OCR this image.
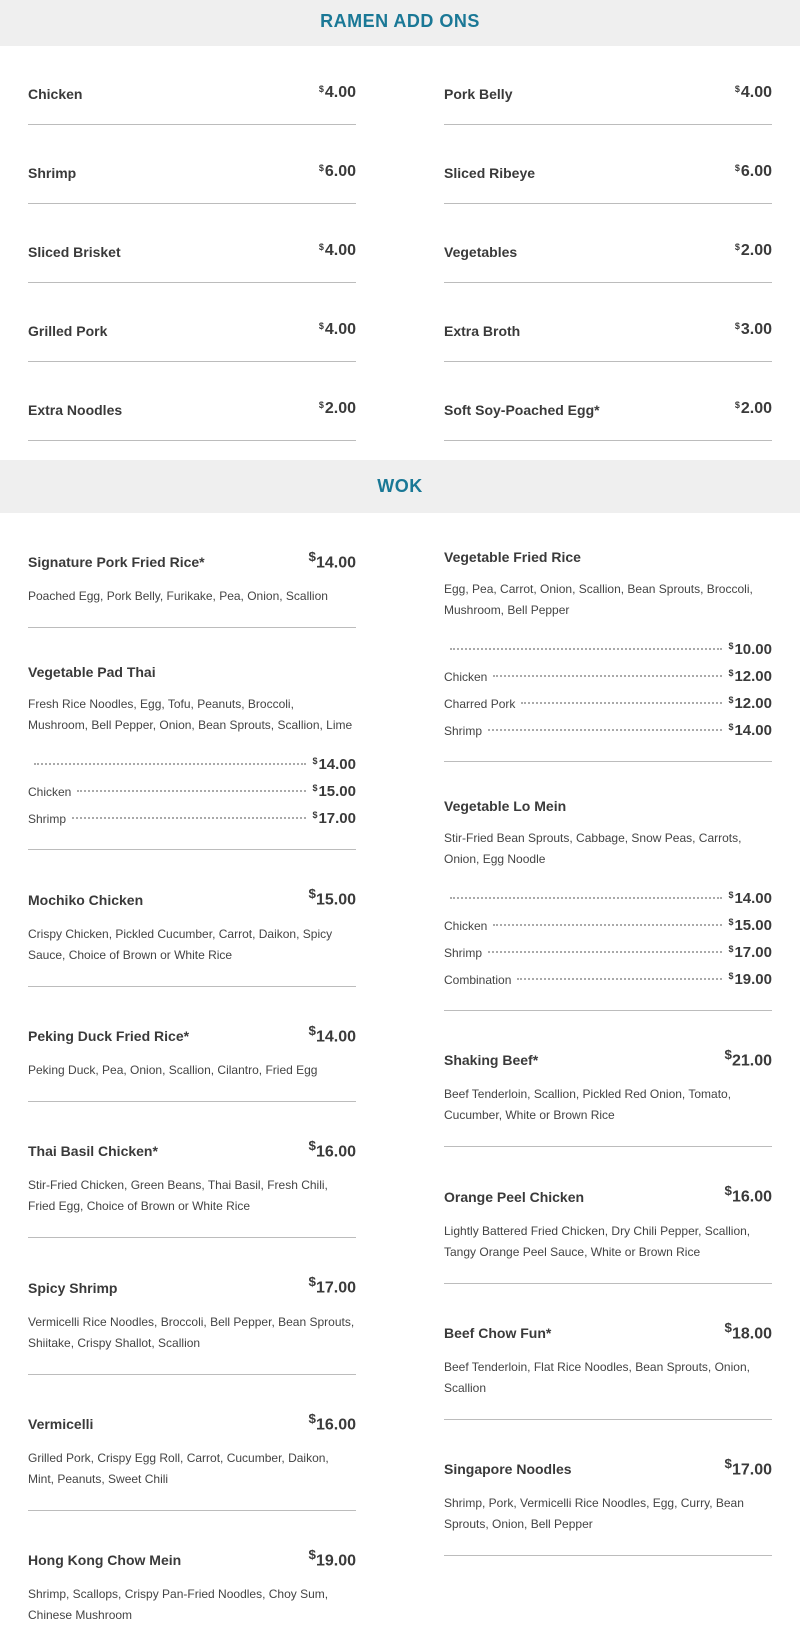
RAMEN ADD ONS
Chicken	$4.00
Shrimp	$6.00
Sliced Brisket	$4.00
Grilled Pork	$4.00
Extra Noodles	$2.00
Pork Belly	$4.00
Sliced Ribeye	$6.00
Vegetables	$2.00
Extra Broth	$3.00
Soft Soy-Poached Egg*	$2.00
WOK
Signature Pork Fried Rice*	$14.00
Poached Egg, Pork Belly, Furikake, Pea, Onion, Scallion
Vegetable Pad Thai
Fresh Rice Noodles, Egg, Tofu, Peanuts, Broccoli, Mushroom, Bell Pepper, Onion, Bean Sprouts, Scallion, Lime
$14.00
Chicken	$15.00
Shrimp	$17.00
Mochiko Chicken	$15.00
Crispy Chicken, Pickled Cucumber, Carrot, Daikon, Spicy Sauce, Choice of Brown or White Rice
Peking Duck Fried Rice*	$14.00
Peking Duck, Pea, Onion, Scallion, Cilantro, Fried Egg
Thai Basil Chicken*	$16.00
Stir-Fried Chicken, Green Beans, Thai Basil, Fresh Chili, Fried Egg, Choice of Brown or White Rice
Spicy Shrimp	$17.00
Vermicelli Rice Noodles, Broccoli, Bell Pepper, Bean Sprouts, Shiitake, Crispy Shallot, Scallion
Vermicelli	$16.00
Grilled Pork, Crispy Egg Roll, Carrot, Cucumber, Daikon, Mint, Peanuts, Sweet Chili
Hong Kong Chow Mein	$19.00
Shrimp, Scallops, Crispy Pan-Fried Noodles, Choy Sum, Chinese Mushroom
Vegetable Fried Rice
Egg, Pea, Carrot, Onion, Scallion, Bean Sprouts, Broccoli, Mushroom, Bell Pepper
$10.00
Chicken	$12.00
Charred Pork	$12.00
Shrimp	$14.00
Vegetable Lo Mein
Stir-Fried Bean Sprouts, Cabbage, Snow Peas, Carrots, Onion, Egg Noodle
$14.00
Chicken	$15.00
Shrimp	$17.00
Combination	$19.00
Shaking Beef*	$21.00
Beef Tenderloin, Scallion, Pickled Red Onion, Tomato, Cucumber, White or Brown Rice
Orange Peel Chicken	$16.00
Lightly Battered Fried Chicken, Dry Chili Pepper, Scallion, Tangy Orange Peel Sauce, White or Brown Rice
Beef Chow Fun*	$18.00
Beef Tenderloin, Flat Rice Noodles, Bean Sprouts, Onion, Scallion
Singapore Noodles	$17.00
Shrimp, Pork, Vermicelli Rice Noodles, Egg, Curry, Bean Sprouts, Onion, Bell Pepper
